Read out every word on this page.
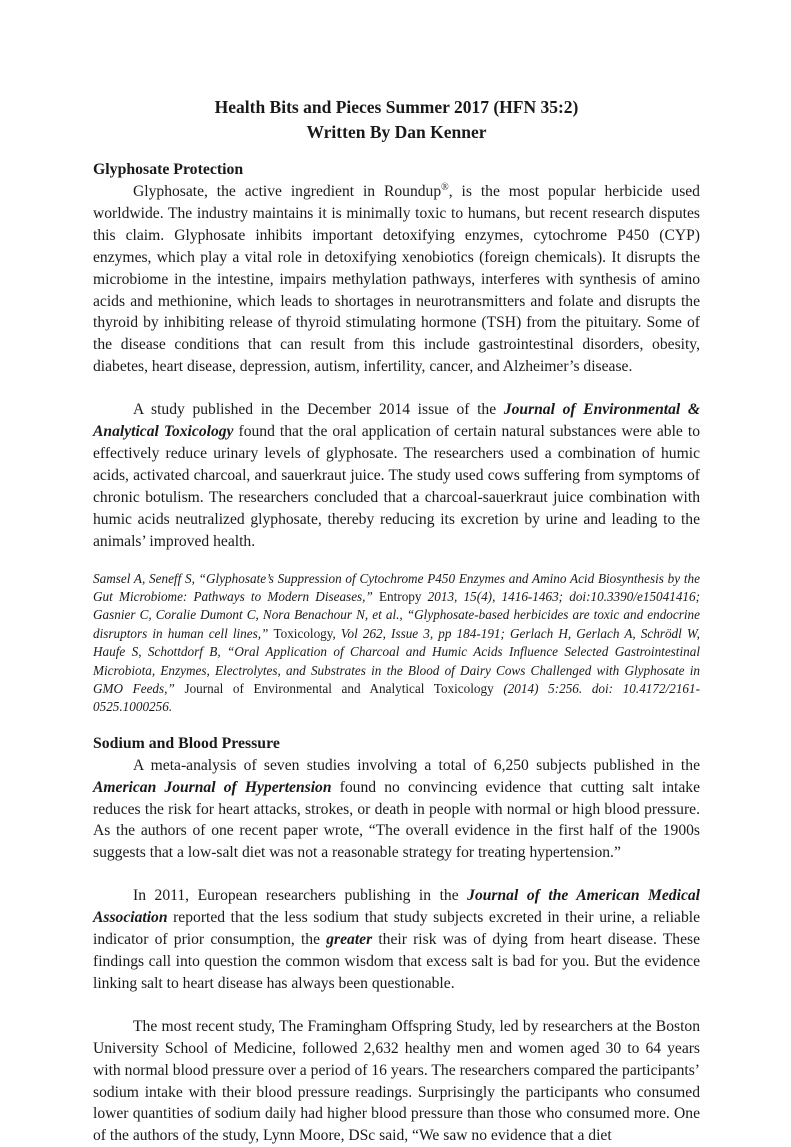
Health Bits and Pieces Summer 2017 (HFN 35:2)
Written By Dan Kenner
Glyphosate Protection

Glyphosate, the active ingredient in Roundup®, is the most popular herbicide used worldwide. The industry maintains it is minimally toxic to humans, but recent research disputes this claim. Glyphosate inhibits important detoxifying enzymes, cytochrome P450 (CYP) enzymes, which play a vital role in detoxifying xenobiotics (foreign chemicals). It disrupts the microbiome in the intestine, impairs methylation pathways, interferes with synthesis of amino acids and methionine, which leads to shortages in neurotransmitters and folate and disrupts the thyroid by inhibiting release of thyroid stimulating hormone (TSH) from the pituitary. Some of the disease conditions that can result from this include gastrointestinal disorders, obesity, diabetes, heart disease, depression, autism, infertility, cancer, and Alzheimer’s disease.

A study published in the December 2014 issue of the Journal of Environmental & Analytical Toxicology found that the oral application of certain natural substances were able to effectively reduce urinary levels of glyphosate. The researchers used a combination of humic acids, activated charcoal, and sauerkraut juice. The study used cows suffering from symptoms of chronic botulism. The researchers concluded that a charcoal-sauerkraut juice combination with humic acids neutralized glyphosate, thereby reducing its excretion by urine and leading to the animals’ improved health.

Samsel A, Seneff S, “Glyphosate’s Suppression of Cytochrome P450 Enzymes and Amino Acid Biosynthesis by the Gut Microbiome: Pathways to Modern Diseases,” Entropy 2013, 15(4), 1416-1463; doi:10.3390/e15041416; Gasnier C, Coralie Dumont C, Nora Benachour N, et al., “Glyphosate-based herbicides are toxic and endocrine disruptors in human cell lines,” Toxicology, Vol 262, Issue 3, pp 184-191; Gerlach H, Gerlach A, Schrödl W, Haufe S, Schottdorf B, “Oral Application of Charcoal and Humic Acids Influence Selected Gastrointestinal Microbiota, Enzymes, Electrolytes, and Substrates in the Blood of Dairy Cows Challenged with Glyphosate in GMO Feeds,” Journal of Environmental and Analytical Toxicology (2014) 5:256. doi: 10.4172/2161-0525.1000256.

Sodium and Blood Pressure

A meta-analysis of seven studies involving a total of 6,250 subjects published in the American Journal of Hypertension found no convincing evidence that cutting salt intake reduces the risk for heart attacks, strokes, or death in people with normal or high blood pressure. As the authors of one recent paper wrote, “The overall evidence in the first half of the 1900s suggests that a low-salt diet was not a reasonable strategy for treating hypertension.”

In 2011, European researchers publishing in the Journal of the American Medical Association reported that the less sodium that study subjects excreted in their urine, a reliable indicator of prior consumption, the greater their risk was of dying from heart disease. These findings call into question the common wisdom that excess salt is bad for you. But the evidence linking salt to heart disease has always been questionable.

The most recent study, The Framingham Offspring Study, led by researchers at the Boston University School of Medicine, followed 2,632 healthy men and women aged 30 to 64 years with normal blood pressure over a period of 16 years. The researchers compared the participants’ sodium intake with their blood pressure readings. Surprisingly the participants who consumed lower quantities of sodium daily had higher blood pressure than those who consumed more. One of the authors of the study, Lynn Moore, DSc said, “We saw no evidence that a diet
